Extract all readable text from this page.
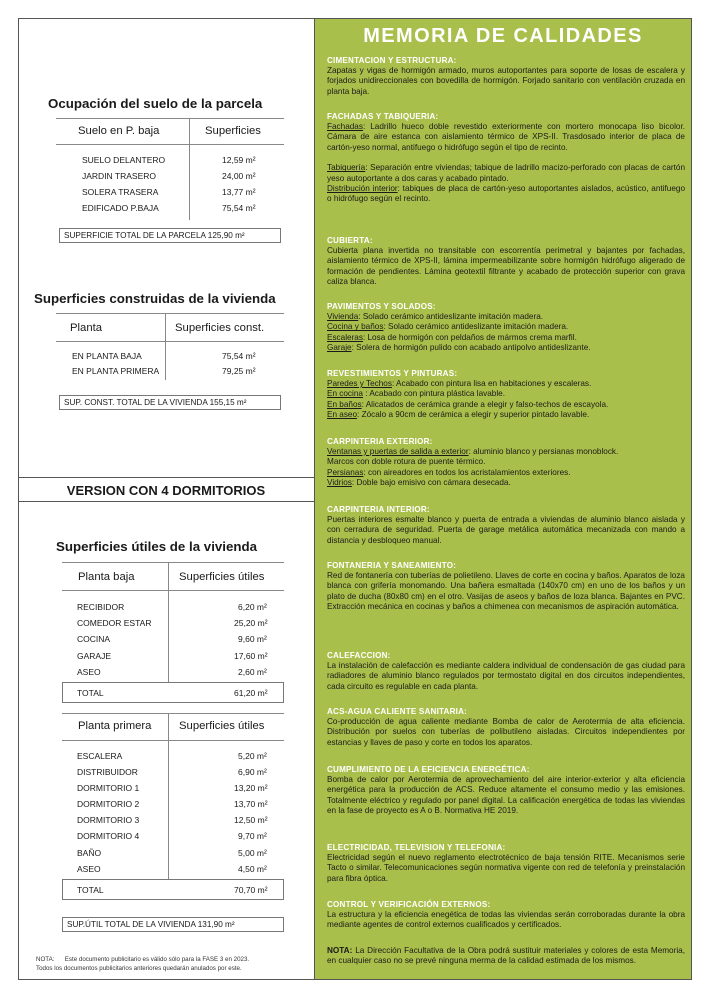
Ocupación del suelo de la parcela
Suelo en P. baja	Superficies
SUELO DELANTERO	12,59 m²
JARDIN TRASERO	24,00 m²
SOLERA TRASERA	13,77 m²
EDIFICADO P.BAJA	75,54 m²
SUPERFICIE TOTAL DE LA PARCELA 125,90 m²
Superficies construidas de la vivienda
Planta	Superficies const.
EN PLANTA BAJA	75,54 m²
EN PLANTA PRIMERA	79,25 m²
SUP. CONST. TOTAL DE LA VIVIENDA 155,15 m²
VERSION CON 4 DORMITORIOS
Superficies útiles de la vivienda
Planta baja	Superficies útiles
RECIBIDOR	6,20 m²
COMEDOR ESTAR	25,20 m²
COCINA	9,60 m²
GARAJE	17,60 m²
ASEO	2,60 m²
TOTAL	61,20 m²
Planta primera Superficies útiles
ESCALERA	5,20 m²
DISTRIBUIDOR	6,90 m²
DORMITORIO 1	13,20 m²
DORMITORIO 2	13,70 m²
DORMITORIO 3	12,50 m²
DORMITORIO 4	9,70 m²
BAÑO	5,00 m²
ASEO	4,50 m²
TOTAL	70,70 m²
SUP.ÚTIL TOTAL DE LA VIVIENDA 131,90 m²
NOTA: Este documento publicitario es válido sólo para la FASE 3 en 2023.
Todos los documentos publicitarios anteriores quedarán anulados por este.
MEMORIA DE CALIDADES
CIMENTACION Y ESTRUCTURA:
Zapatas y vigas de hormigón armado, muros autoportantes para soporte de losas de escalera y forjados unidireccionales con bovedilla de hormigón. Forjado sanitario con ventilación cruzada en planta baja.
FACHADAS Y TABIQUERIA:

Fachadas: Ladrillo hueco doble revestido exteriormente con mortero monocapa liso bicolor. Cámara de aire estanca con aislamiento térmico de XPS-II. Trasdosado interior de placa de cartón-yeso normal, antifuego o hidrófugo según el tipo de recinto.

Tabiquería: Separación entre viviendas; tabique de ladrillo macizo-perforado con placas de cartón yeso autoportante a dos caras y acabado pintado.

Distribución interior: tabiques de placa de cartón-yeso autoportantes aislados, acústico, antifuego o hidrófugo según el recinto.

CUBIERTA:
Cubierta plana invertida no transitable con escorrentía perimetral y bajantes por fachadas, aislamiento térmico de XPS-II, lámina impermeabilizante sobre hormigón hidrófugo aligerado de formación de pendientes. Lámina geotextil filtrante y acabado de protección superior con grava caliza blanca.
PAVIMENTOS Y SOLADOS:

Vivienda: Solado cerámico antideslizante imitación madera.

Cocina y baños: Solado cerámico antideslizante imitación madera.

Escaleras: Losa de hormigón con peldaños de mármos crema marfil.

Garaje: Solera de hormigón pulido con acabado antipolvo antideslizante.

REVESTIMIENTOS Y PINTURAS:

Paredes y Techos: Acabado con pintura lisa en habitaciones y escaleras.

En cocina : Acabado con pintura plástica lavable.

En baños: Alicatados de cerámica grande a elegir y falso-techos de escayola.

En aseo: Zócalo a 90cm de cerámica a elegir y superior pintado lavable.

CARPINTERIA EXTERIOR:

Ventanas y puertas de salida a exterior: aluminio blanco y persianas monoblock.

Marcos con doble rotura de puente térmico.

Persianas: con aireadores en todos los acristalamientos exteriores.

Vidrios: Doble bajo emisivo con cámara desecada.

CARPINTERIA INTERIOR:
Puertas interiores esmalte blanco y puerta de entrada a viviendas de aluminio blanco aislada y con cerradura de seguridad. Puerta de garage metálica automática mecanizada con mando a distancia y desbloqueo manual.
FONTANERIA Y SANEAMIENTO:
Red de fontanería con tuberías de polietileno. Llaves de corte en cocina y baños. Aparatos de loza blanca con grifería monomando. Una bañera esmaltada (140x70 cm) en uno de los baños y un plato de ducha (80x80 cm) en el otro. Vasijas de aseos y baños de loza blanca. Bajantes en PVC. Extracción mecánica en cocinas y baños a chimenea con mecanismos de aspiración automática.
CALEFACCION:
La instalación de calefacción es mediante caldera individual de condensación de gas ciudad para radiadores de aluminio blanco regulados por termostato digital en dos circuitos independientes, cada circuito es regulable en cada planta.
ACS-AGUA CALIENTE SANITARIA:
Co-producción de agua caliente mediante Bomba de calor de Aerotermia de alta eficiencia. Distribución por suelos con tuberías de polibutileno aisladas. Circuitos independientes por estancias y llaves de paso y corte en todos los aparatos.
CUMPLIMIENTO DE LA EFICIENCIA ENERGÉTICA:
Bomba de calor por Aerotermia de aprovechamiento del aire interior-exterior y alta eficiencia energética para la producción de ACS. Reduce altamente el consumo medio y las emisiones. Totalmente eléctrico y regulado por panel digital. La calificación energética de todas las viviendas en la fase de proyecto es A o B. Normativa HE 2019.
ELECTRICIDAD, TELEVISION Y TELEFONIA:
Electricidad según el nuevo reglamento electrotécnico de baja tensión RITE. Mecanismos serie Tacto o similar. Telecomunicaciones según normativa vigente con red de telefonía y preinstalación para fibra óptica.
CONTROL Y VERIFICACIÓN EXTERNOS:
La estructura y la eficiencia enegética de todas las viviendas serán corroboradas durante la obra mediante agentes de control externos cualificados y certificados.
NOTA: La Dirección Facultativa de la Obra podrá sustituir materiales y colores de esta Memoria, en cualquier caso no se prevé ninguna merma de la calidad estimada de los mismos.
